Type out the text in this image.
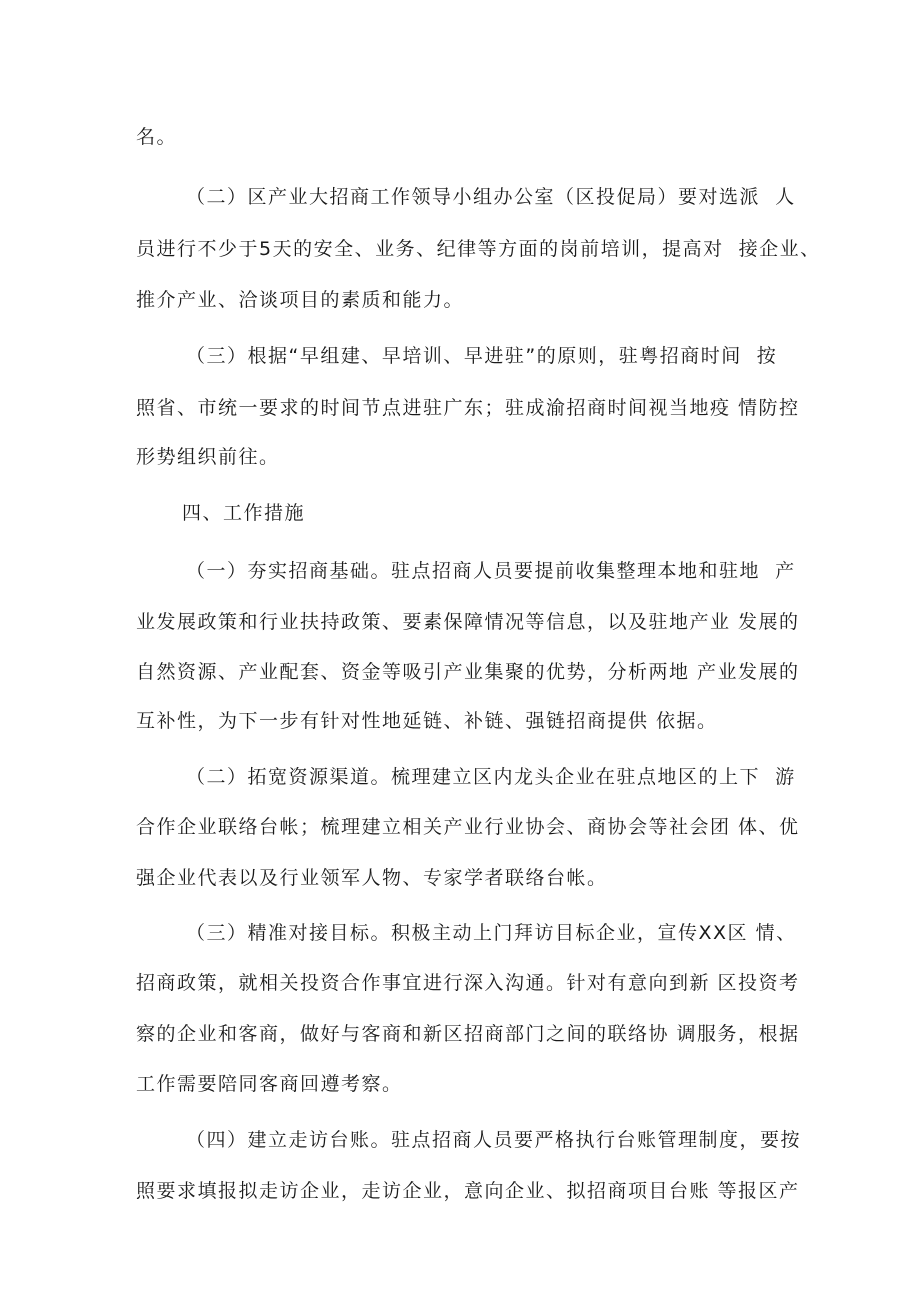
名。
（二）区产业大招商工作领导小组办公室（区投促局）要对选派  人
员进行不少于5天的安全、业务、纪律等方面的岗前培训，提高对  接企业、
推介产业、洽谈项目的素质和能力。
（三）根据“早组建、早培训、早进驻”的原则，驻粤招商时间  按
照省、市统一要求的时间节点进驻广东；驻成渝招商时间视当地疫 情防控
形势组织前往。
四、工作措施
（一）夯实招商基础。驻点招商人员要提前收集整理本地和驻地  产
业发展政策和行业扶持政策、要素保障情况等信息，以及驻地产业 发展的
自然资源、产业配套、资金等吸引产业集聚的优势，分析两地 产业发展的
互补性，为下一步有针对性地延链、补链、强链招商提供 依据。
（二）拓宽资源渠道。梳理建立区内龙头企业在驻点地区的上下  游
合作企业联络台帐；梳理建立相关产业行业协会、商协会等社会团 体、优
强企业代表以及行业领军人物、专家学者联络台帐。
（三）精准对接目标。积极主动上门拜访目标企业，宣传XX区 情、
招商政策，就相关投资合作事宜进行深入沟通。针对有意向到新 区投资考
察的企业和客商，做好与客商和新区招商部门之间的联络协 调服务，根据
工作需要陪同客商回遵考察。
（四）建立走访台账。驻点招商人员要严格执行台账管理制度，要按
照要求填报拟走访企业，走访企业，意向企业、拟招商项目台账 等报区产
